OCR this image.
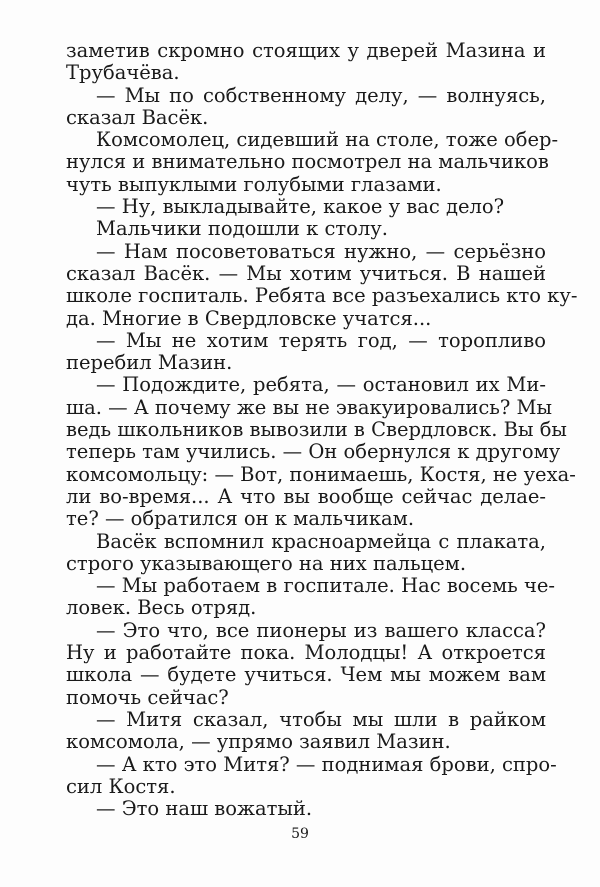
заметив скромно стоящих у дверей Мазина и
Трубачёва.
— Мы по собственному делу, — волнуясь,
сказал Васёк.
Комсомолец, сидевший на столе, тоже обер-
нулся и внимательно посмотрел на мальчиков
чуть выпуклыми голубыми глазами.
— Ну, выкладывайте, какое у вас дело?
Мальчики подошли к столу.
— Нам посоветоваться нужно, — серьёзно
сказал Васёк. — Мы хотим учиться. В нашей
школе госпиталь. Ребята все разъехались кто ку-
да. Многие в Свердловске учатся...
— Мы не хотим терять год, — торопливо
перебил Мазин.
— Подождите, ребята, — остановил их Ми-
ша. — А почему же вы не эвакуировались? Мы
ведь школьников вывозили в Свердловск. Вы бы
теперь там учились. — Он обернулся к другому
комсомольцу: — Вот, понимаешь, Костя, не уеха-
ли во-время... А что вы вообще сейчас делае-
те? — обратился он к мальчикам.
Васёк вспомнил красноармейца с плаката,
строго указывающего на них пальцем.
— Мы работаем в госпитале. Нас восемь че-
ловек. Весь отряд.
— Это что, все пионеры из вашего класса?
Ну и работайте пока. Молодцы! А откроется
школа — будете учиться. Чем мы можем вам
помочь сейчас?
— Митя сказал, чтобы мы шли в райком
комсомола, — упрямо заявил Мазин.
— А кто это Митя? — поднимая брови, спро-
сил Костя.
— Это наш вожатый.
59
